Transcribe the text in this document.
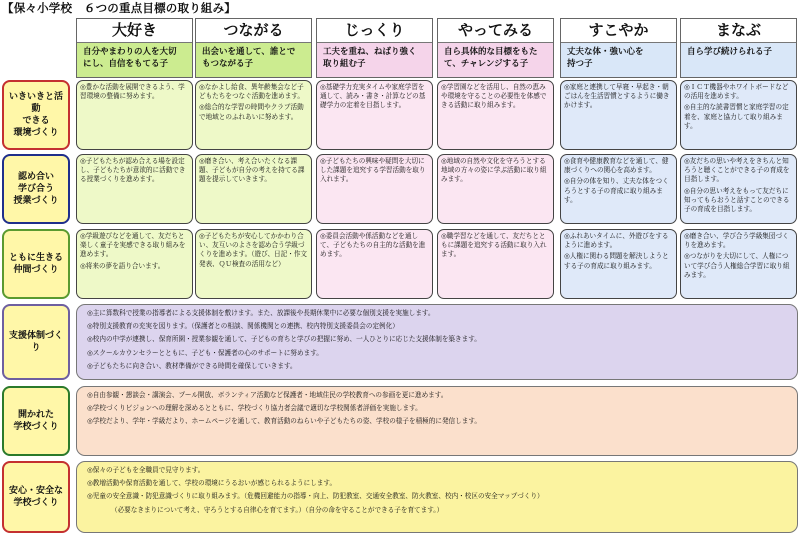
【保々小学校　６つの重点目標の取り組み】
大好き
自分やまわりの人を大切
にし、自信をもてる子
つながる
出会いを通して、誰とで
もつながる子
じっくり
工夫を重ね、ねばり強く
取り組む子
やってみる
自ら具体的な目標をもた
て、チャレンジする子
すこやか
丈夫な体・強い心を
持つ子
まなぶ
自ら学び続けられる子
いきいきと活動
できる
環境づくり

◎豊かな活動を展開できるよう、学習環境の整備に努めます。

◎なかよし給食、異年齢集会など子どもたちをつなぐ活動を進めます。

◎総合的な学習の時間やクラブ活動で地域とのふれあいに努めます。

◎基礎学力充実タイムや家庭学習を通して、読み・書き・計算などの基礎学力の定着を目指します。

◎学習園などを活用し、自然の恵みや環境を守ることの必要性を体感できる活動に取り組みます。

◎家庭と連携して早寝・早起き・朝ごはんを生活習慣とするように働きかけます。

◎ＩＣＴ機器やホワイトボードなどの活用を進めます。

◎自主的な読書習慣と家庭学習の定着を、家庭と協力して取り組みます。

認め合い
学び合う
授業づくり

◎子どもたちが認め合える場を設定し、子どもたちが意欲的に活動できる授業づくりを進めます。

◎磨き合い、考え合いたくなる課題、子どもが自分の考えを持てる課題を提示していきます。

◎子どもたちの興味や疑問を大切にした課題を追究する学習活動を取り入れます。

◎地域の自然や文化を守ろうとする地域の方々の姿に学ぶ活動に取り組みます。

◎食育や健康教育などを通して、健康づくりへの関心を高めます。

◎自分の体を知り、丈夫な体をつくろうとする子の育成に取り組みます。

◎友だちの思いや考えをきちんと知ろうと聴くことができる子の育成を目指します。

◎自分の思い考えをもって友だちに知ってもらおうと話すことのできる子の育成を目指します。

ともに生きる
仲間づくり

◎学級遊びなどを通して、友だちと楽しく童子を実感できる取り組みを進めます。

◎将来の夢を語り合います。

◎子どもたちが安心してかかわり合い、友互いのよさを認め合う学級づくりを進めます。（遊び、日記・作文発表、ＱＵ検査の活用など）

◎委員会活動や係活動などを通して、子どもたちの自主的な活動を進めます。

◎職学習などを通して、友だちとともに課題を追究する活動に取り入れます。

◎ふれあいタイムに、外遊びをするように進めます。

◎人権に関わる問題を解決しようとする子の育成に取り組みます。

◎磨き合い、学び合う学級集団づくりを進めます。

◎つながりを大切にして、人権について学び合う人権総合学習に取り組みます。

支援体制づくり

◎主に算数科で授業の指導者による支援体制を敷けます。また、放課後や長期休業中に必要な個別支援を実施します。

◎特別支援教育の充実を図ります。（保護者との相談、関係機関との連携、校内特別支援委員会の定例化）

◎校内の中学が連携し、保育所園・授業参観を通して、子どもの育ちと学びの把握に努め、一人ひとりに応じた支援体制を築きます。

◎スクールカウンセラーとともに、子ども・保護者の心のサポートに努めます。

◎子どもたちに向き合い、教材準備ができる時間を確保していきます。

開かれた
学校づくり

◎自由参観・懇談会・講演会、プール開放、ボランティア活動など保護者・地域住民の学校教育への参画を更に進めます。

◎学校づくりビジョンへの理解を深めるとともに、学校づくり協力者会議で適切な学校関係者評価を実施します。

◎学校だより、学年・学級だより、ホームページを通して、教育活動のねらいや子どもたちの姿、学校の様子を積極的に発信します。

安心・安全な
学校づくり

◎保々の子どもを全職員で見守ります。

◎教増活動や保育活動を通して、学校の環境にうるおいが感じられるようにします。

◎児童の安全意識・防犯意識づくりに取り組みます。（危機回避能力の指導・向上、防犯教室、交通安全教室、防火教室、校内・校区の安全マップづくり）

（必要なきまりについて考え、守ろうとする自律心を育てます。）（自分の命を守ることができる子を育てます。）
